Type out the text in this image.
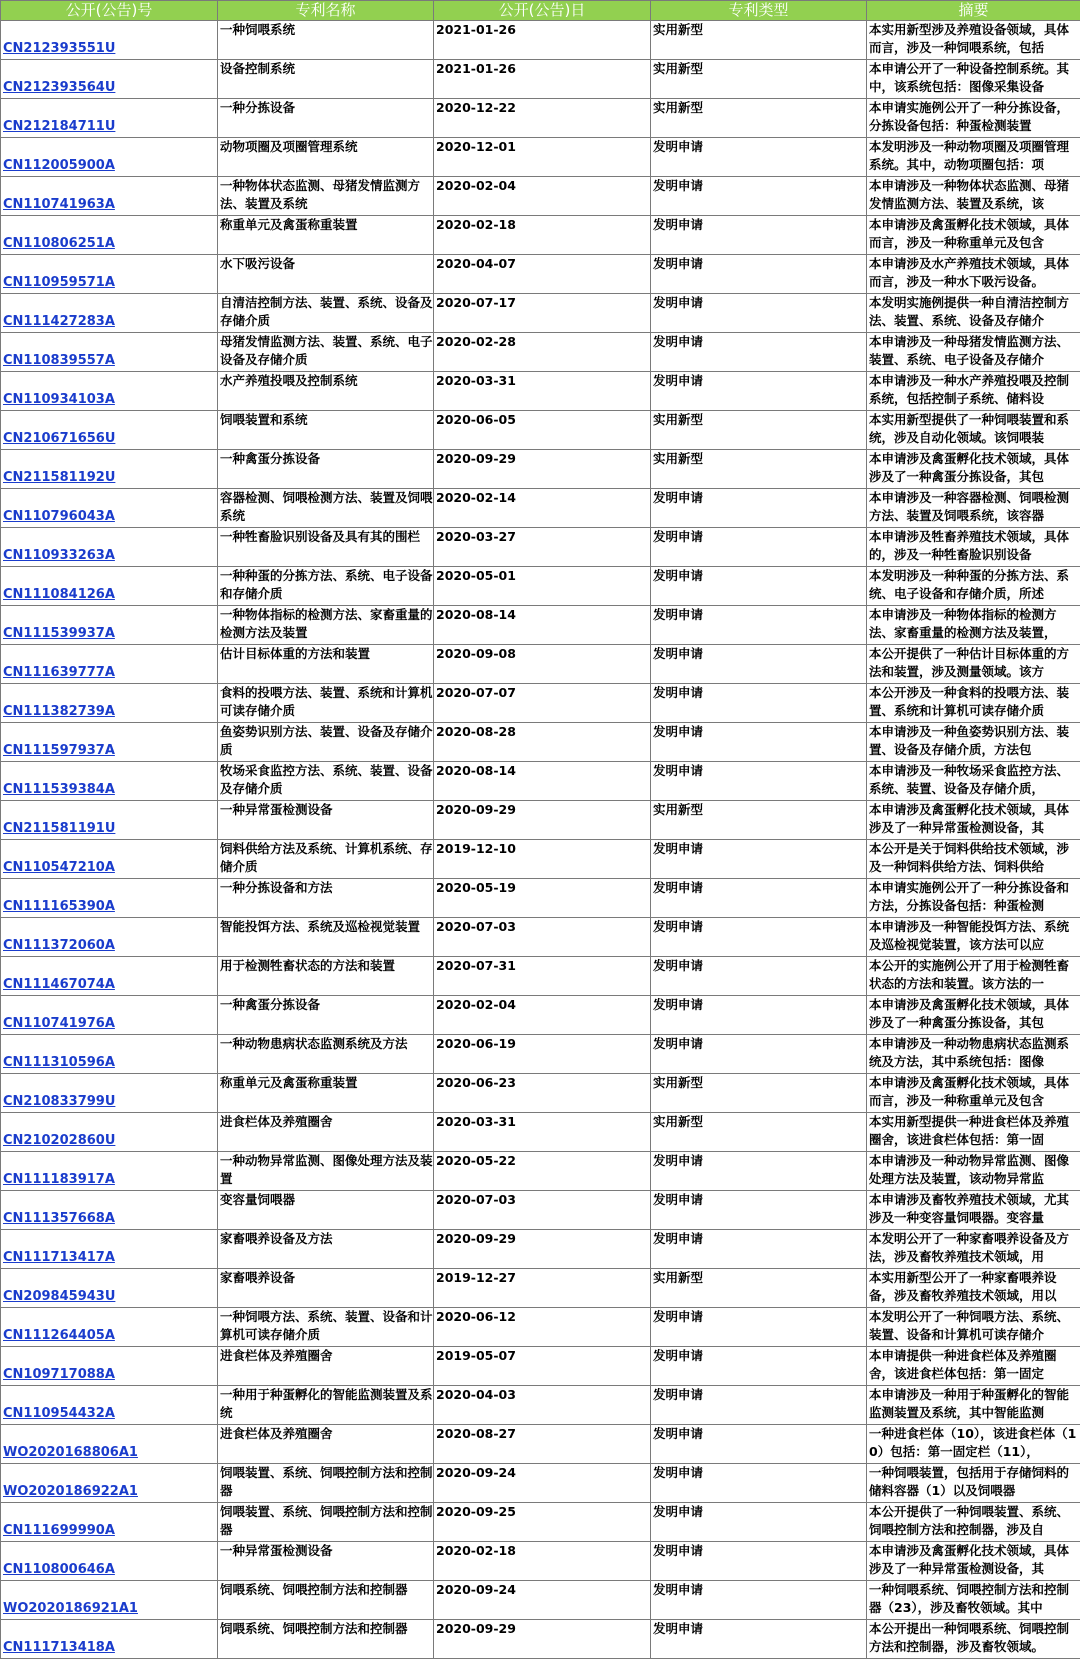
公开(公告)号	专利名称	公开(公告)日	专利类型	摘要

CN212393551U	一种饲喂系统	2021-01-26	实用新型	本实用新型涉及养殖设备领域，具体而言，涉及一种饲喂系统，包括

CN212393564U	设备控制系统	2021-01-26	实用新型	本申请公开了一种设备控制系统。其中，该系统包括：图像采集设备

CN212184711U	一种分拣设备	2020-12-22	实用新型	本申请实施例公开了一种分拣设备，分拣设备包括：种蛋检测装置

CN112005900A	动物项圈及项圈管理系统	2020-12-01	发明申请	本发明涉及一种动物项圈及项圈管理系统。其中，动物项圈包括：项

CN110741963A	一种物体状态监测、母猪发情监测方法、装置及系统	2020-02-04	发明申请	本申请涉及一种物体状态监测、母猪发情监测方法、装置及系统，该

CN110806251A	称重单元及禽蛋称重装置	2020-02-18	发明申请	本申请涉及禽蛋孵化技术领域，具体而言，涉及一种称重单元及包含

CN110959571A	水下吸污设备	2020-04-07	发明申请	本申请涉及水产养殖技术领域，具体而言，涉及一种水下吸污设备。

CN111427283A	自清洁控制方法、装置、系统、设备及存储介质	2020-07-17	发明申请	本发明实施例提供一种自清洁控制方法、装置、系统、设备及存储介

CN110839557A	母猪发情监测方法、装置、系统、电子设备及存储介质	2020-02-28	发明申请	本申请涉及一种母猪发情监测方法、装置、系统、电子设备及存储介

CN110934103A	水产养殖投喂及控制系统	2020-03-31	发明申请	本申请涉及一种水产养殖投喂及控制系统，包括控制子系统、储料设

CN210671656U	饲喂装置和系统	2020-06-05	实用新型	本实用新型提供了一种饲喂装置和系统，涉及自动化领域。该饲喂装

CN211581192U	一种禽蛋分拣设备	2020-09-29	实用新型	本申请涉及禽蛋孵化技术领域，具体涉及了一种禽蛋分拣设备，其包

CN110796043A	容器检测、饲喂检测方法、装置及饲喂系统	2020-02-14	发明申请	本申请涉及一种容器检测、饲喂检测方法、装置及饲喂系统，该容器

CN110933263A	一种牲畜脸识别设备及具有其的围栏	2020-03-27	发明申请	本申请涉及牲畜养殖技术领域，具体的，涉及一种牲畜脸识别设备

CN111084126A	一种种蛋的分拣方法、系统、电子设备和存储介质	2020-05-01	发明申请	本发明涉及一种种蛋的分拣方法、系统、电子设备和存储介质，所述

CN111539937A	一种物体指标的检测方法、家畜重量的检测方法及装置	2020-08-14	发明申请	本申请涉及一种物体指标的检测方法、家畜重量的检测方法及装置，

CN111639777A	估计目标体重的方法和装置	2020-09-08	发明申请	本公开提供了一种估计目标体重的方法和装置，涉及测量领域。该方

CN111382739A	食料的投喂方法、装置、系统和计算机可读存储介质	2020-07-07	发明申请	本公开涉及一种食料的投喂方法、装置、系统和计算机可读存储介质

CN111597937A	鱼姿势识别方法、装置、设备及存储介质	2020-08-28	发明申请	本申请涉及一种鱼姿势识别方法、装置、设备及存储介质，方法包

CN111539384A	牧场采食监控方法、系统、装置、设备及存储介质	2020-08-14	发明申请	本申请涉及一种牧场采食监控方法、系统、装置、设备及存储介质，

CN211581191U	一种异常蛋检测设备	2020-09-29	实用新型	本申请涉及禽蛋孵化技术领域，具体涉及了一种异常蛋检测设备，其

CN110547210A	饲料供给方法及系统、计算机系统、存储介质	2019-12-10	发明申请	本公开是关于饲料供给技术领域，涉及一种饲料供给方法、饲料供给

CN111165390A	一种分拣设备和方法	2020-05-19	发明申请	本申请实施例公开了一种分拣设备和方法，分拣设备包括：种蛋检测

CN111372060A	智能投饵方法、系统及巡检视觉装置	2020-07-03	发明申请	本申请涉及一种智能投饵方法、系统及巡检视觉装置，该方法可以应

CN111467074A	用于检测牲畜状态的方法和装置	2020-07-31	发明申请	本公开的实施例公开了用于检测牲畜状态的方法和装置。该方法的一

CN110741976A	一种禽蛋分拣设备	2020-02-04	发明申请	本申请涉及禽蛋孵化技术领域，具体涉及了一种禽蛋分拣设备，其包

CN111310596A	一种动物患病状态监测系统及方法	2020-06-19	发明申请	本申请涉及一种动物患病状态监测系统及方法，其中系统包括：图像

CN210833799U	称重单元及禽蛋称重装置	2020-06-23	实用新型	本申请涉及禽蛋孵化技术领域，具体而言，涉及一种称重单元及包含

CN210202860U	进食栏体及养殖圈舍	2020-03-31	实用新型	本实用新型提供一种进食栏体及养殖圈舍，该进食栏体包括：第一固

CN111183917A	一种动物异常监测、图像处理方法及装置	2020-05-22	发明申请	本申请涉及一种动物异常监测、图像处理方法及装置，该动物异常监

CN111357668A	变容量饲喂器	2020-07-03	发明申请	本申请涉及畜牧养殖技术领域，尤其涉及一种变容量饲喂器。变容量

CN111713417A	家畜喂养设备及方法	2020-09-29	发明申请	本发明公开了一种家畜喂养设备及方法，涉及畜牧养殖技术领域，用

CN209845943U	家畜喂养设备	2019-12-27	实用新型	本实用新型公开了一种家畜喂养设备，涉及畜牧养殖技术领域，用以

CN111264405A	一种饲喂方法、系统、装置、设备和计算机可读存储介质	2020-06-12	发明申请	本发明公开了一种饲喂方法、系统、装置、设备和计算机可读存储介

CN109717088A	进食栏体及养殖圈舍	2019-05-07	发明申请	本申请提供一种进食栏体及养殖圈舍，该进食栏体包括：第一固定

CN110954432A	一种用于种蛋孵化的智能监测装置及系统	2020-04-03	发明申请	本申请涉及一种用于种蛋孵化的智能监测装置及系统，其中智能监测

WO2020168806A1	进食栏体及养殖圈舍	2020-08-27	发明申请	一种进食栏体（10），该进食栏体（10）包括：第一固定栏（11），

WO2020186922A1	饲喂装置、系统、饲喂控制方法和控制器	2020-09-24	发明申请	一种饲喂装置，包括用于存储饲料的储料容器（1）以及饲喂器

CN111699990A	饲喂装置、系统、饲喂控制方法和控制器	2020-09-25	发明申请	本公开提供了一种饲喂装置、系统、饲喂控制方法和控制器，涉及自

CN110800646A	一种异常蛋检测设备	2020-02-18	发明申请	本申请涉及禽蛋孵化技术领域，具体涉及了一种异常蛋检测设备，其

WO2020186921A1	饲喂系统、饲喂控制方法和控制器	2020-09-24	发明申请	一种饲喂系统、饲喂控制方法和控制器（23），涉及畜牧领域。其中

CN111713418A	饲喂系统、饲喂控制方法和控制器	2020-09-29	发明申请	本公开提出一种饲喂系统、饲喂控制方法和控制器，涉及畜牧领域。
